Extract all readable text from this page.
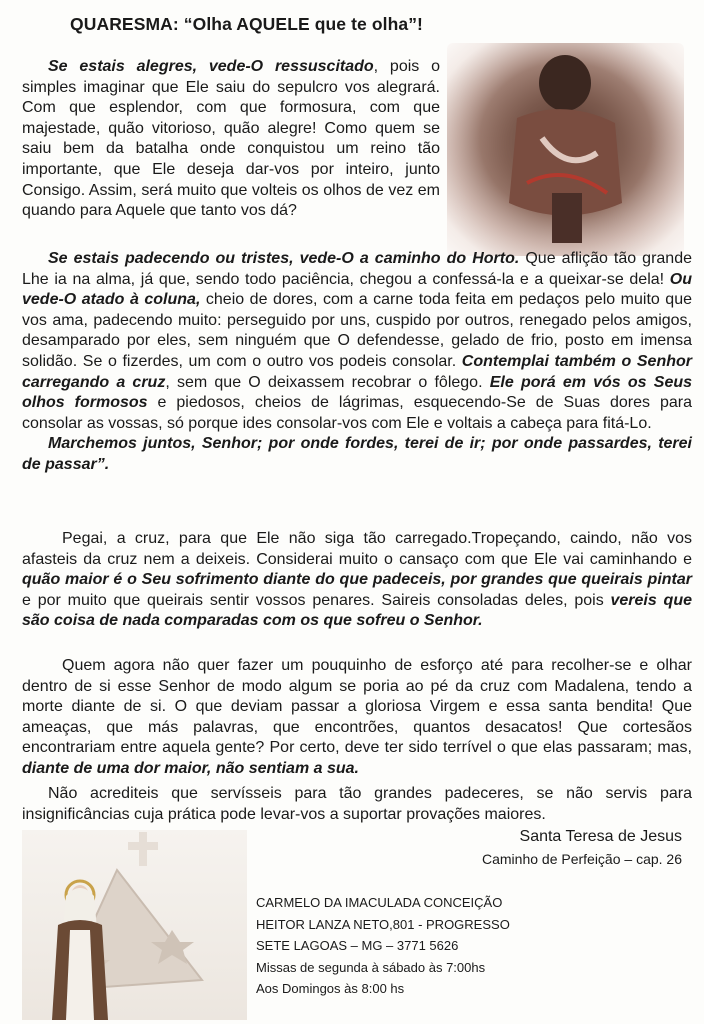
QUARESMA: “Olha AQUELE que te olha”!

Se estais alegres, vede-O ressuscitado, pois o simples imaginar que Ele saiu do sepulcro vos alegrará. Com que esplendor, com que formosura, com que majestade, quão vitorioso, quão alegre! Como quem se saiu bem da batalha onde conquistou um reino tão importante, que Ele deseja dar-vos por inteiro, junto Consigo. Assim, será muito que volteis os olhos de vez em quando para Aquele que tanto vos dá?

Se estais padecendo ou tristes, vede-O a caminho do Horto. Que aflição tão grande Lhe ia na alma, já que, sendo todo paciência, chegou a confessá-la e a queixar-se dela! Ou vede-O atado à coluna, cheio de dores, com a carne toda feita em pedaços pelo muito que vos ama, padecendo muito: perseguido por uns, cuspido por outros, renegado pelos amigos, desamparado por eles, sem ninguém que O defendesse, gelado de frio, posto em imensa solidão. Se o fizerdes, um com o outro vos podeis consolar. Contemplai também o Senhor carregando a cruz, sem que O deixassem recobrar o fôlego. Ele porá em vós os Seus olhos formosos e piedosos, cheios de lágrimas, esquecendo-Se de Suas dores para consolar as vossas, só porque ides consolar-vos com Ele e voltais a cabeça para fitá-Lo.

Marchemos juntos, Senhor; por onde fordes, terei de ir; por onde passardes, terei de passar”.

Pegai, a cruz, para que Ele não siga tão carregado.Tropeçando, caindo, não vos afasteis da cruz nem a deixeis. Considerai muito o cansaço com que Ele vai caminhando e quão maior é o Seu sofrimento diante do que padeceis, por grandes que queirais pintar e por muito que queirais sentir vossos penares. Saireis consoladas deles, pois vereis que são coisa de nada comparadas com os que sofreu o Senhor.

Quem agora não quer fazer um pouquinho de esforço até para recolher-se e olhar dentro de si esse Senhor de modo algum se poria ao pé da cruz com Madalena, tendo a morte diante de si. O que deviam passar a gloriosa Virgem e essa santa bendita! Que ameaças, que más palavras, que encontrões, quantos desacatos! Que cortesãos encontrariam entre aquela gente? Por certo, deve ter sido terrível o que elas passaram; mas, diante de uma dor maior, não sentiam a sua.

Não acrediteis que servísseis para tão grandes padeceres, se não servis para insignificâncias cuja prática pode levar-vos a suportar provações maiores.

Santa Teresa de Jesus
Caminho de Perfeição – cap. 26
CARMELO DA IMACULADA CONCEIÇÃO
HEITOR LANZA NETO,801 - PROGRESSO
SETE LAGOAS – MG – 3771 5626
Missas de segunda à sábado às 7:00hs
Aos Domingos às 8:00 hs
